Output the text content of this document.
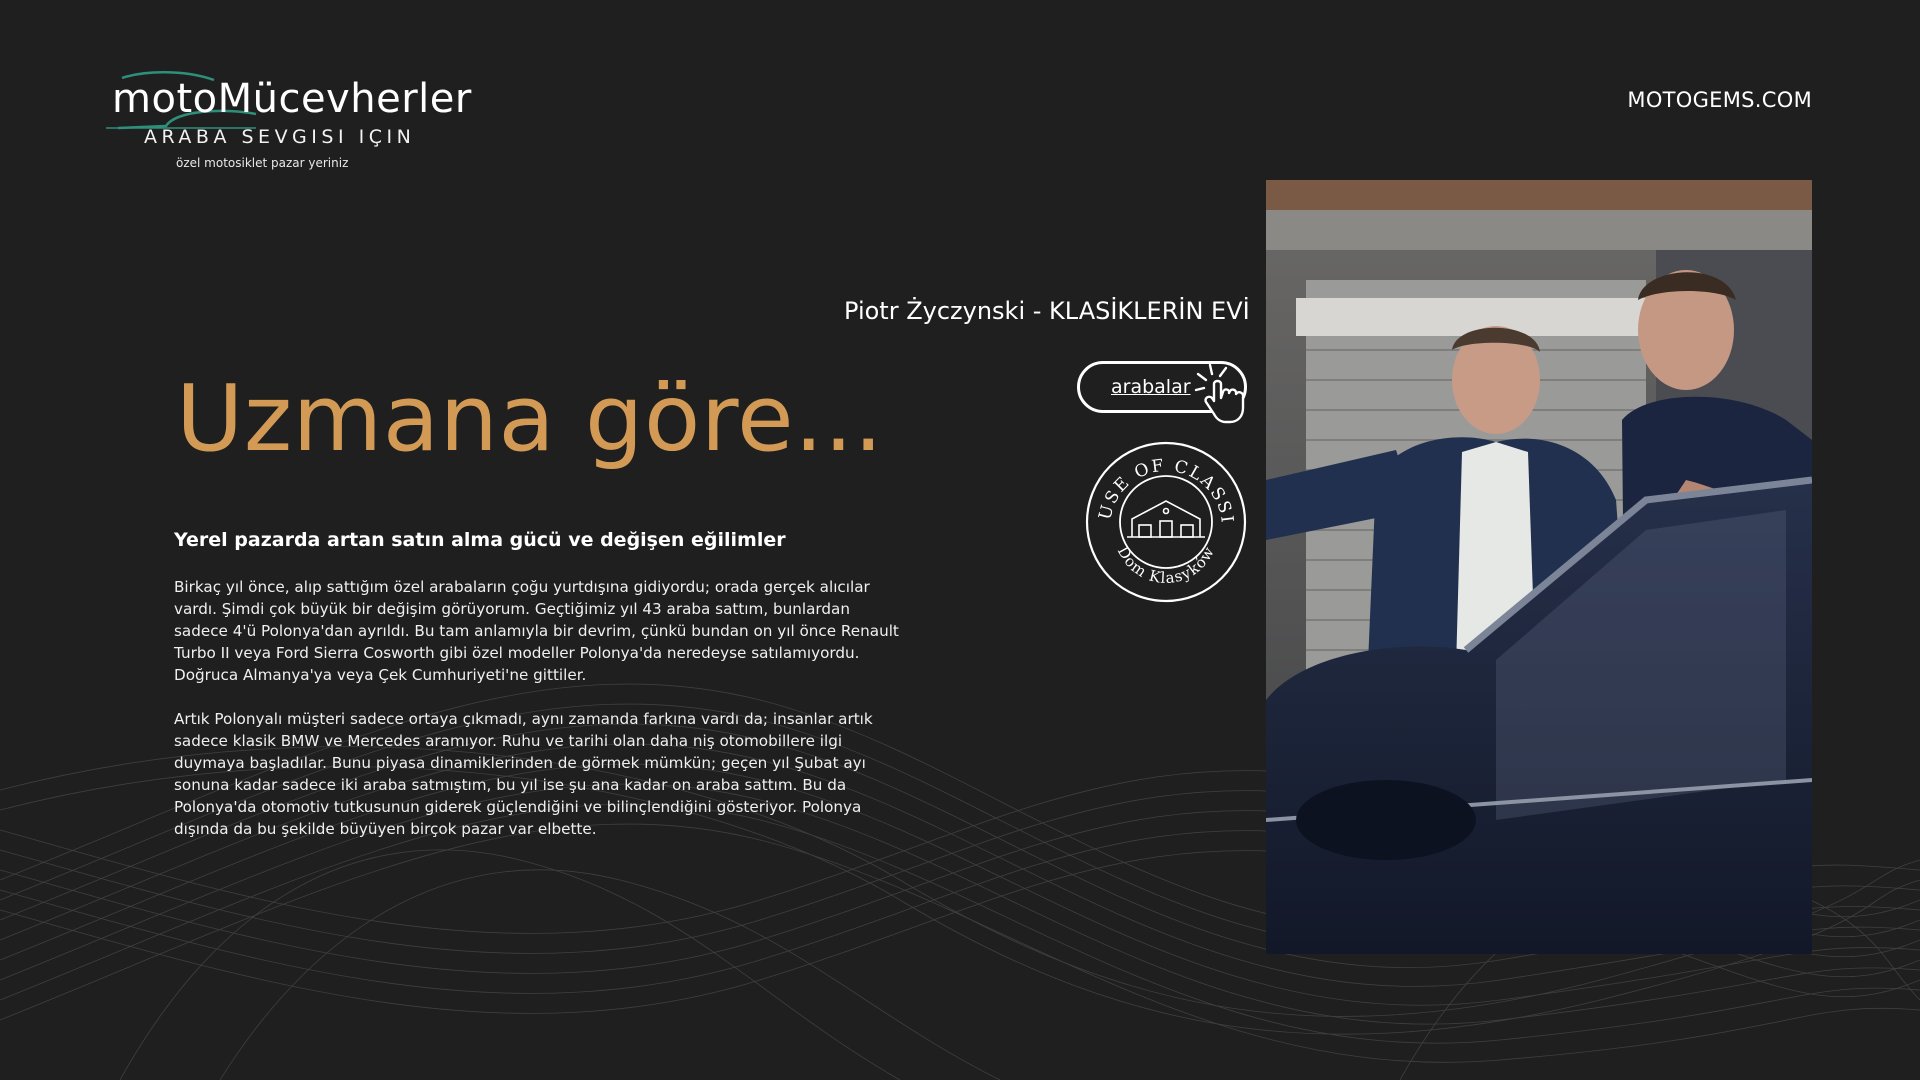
motoMücevherler
ARABA SEVGISI IÇIN
özel motosiklet pazar yeriniz
MOTOGEMS.COM
Piotr Życzynski - KLASİKLERİN EVİ
arabalar
USE OF CLASSI
Dom Klasyków
Uzmana göre...
Yerel pazarda artan satın alma gücü ve değişen eğilimler

Birkaç yıl önce, alıp sattığım özel arabaların çoğu yurtdışına gidiyordu; orada gerçek alıcılar vardı. Şimdi çok büyük bir değişim görüyorum. Geçtiğimiz yıl 43 araba sattım, bunlardan sadece 4'ü Polonya'dan ayrıldı. Bu tam anlamıyla bir devrim, çünkü bundan on yıl önce Renault Turbo II veya Ford Sierra Cosworth gibi özel modeller Polonya'da neredeyse satılamıyordu. Doğruca Almanya'ya veya Çek Cumhuriyeti'ne gittiler.

Artık Polonyalı müşteri sadece ortaya çıkmadı, aynı zamanda farkına vardı da; insanlar artık sadece klasik BMW ve Mercedes aramıyor. Ruhu ve tarihi olan daha niş otomobillere ilgi duymaya başladılar. Bunu piyasa dinamiklerinden de görmek mümkün; geçen yıl Şubat ayı sonuna kadar sadece iki araba satmıştım, bu yıl ise şu ana kadar on araba sattım. Bu da Polonya'da otomotiv tutkusunun giderek güçlendiğini ve bilinçlendiğini gösteriyor. Polonya dışında da bu şekilde büyüyen birçok pazar var elbette.
